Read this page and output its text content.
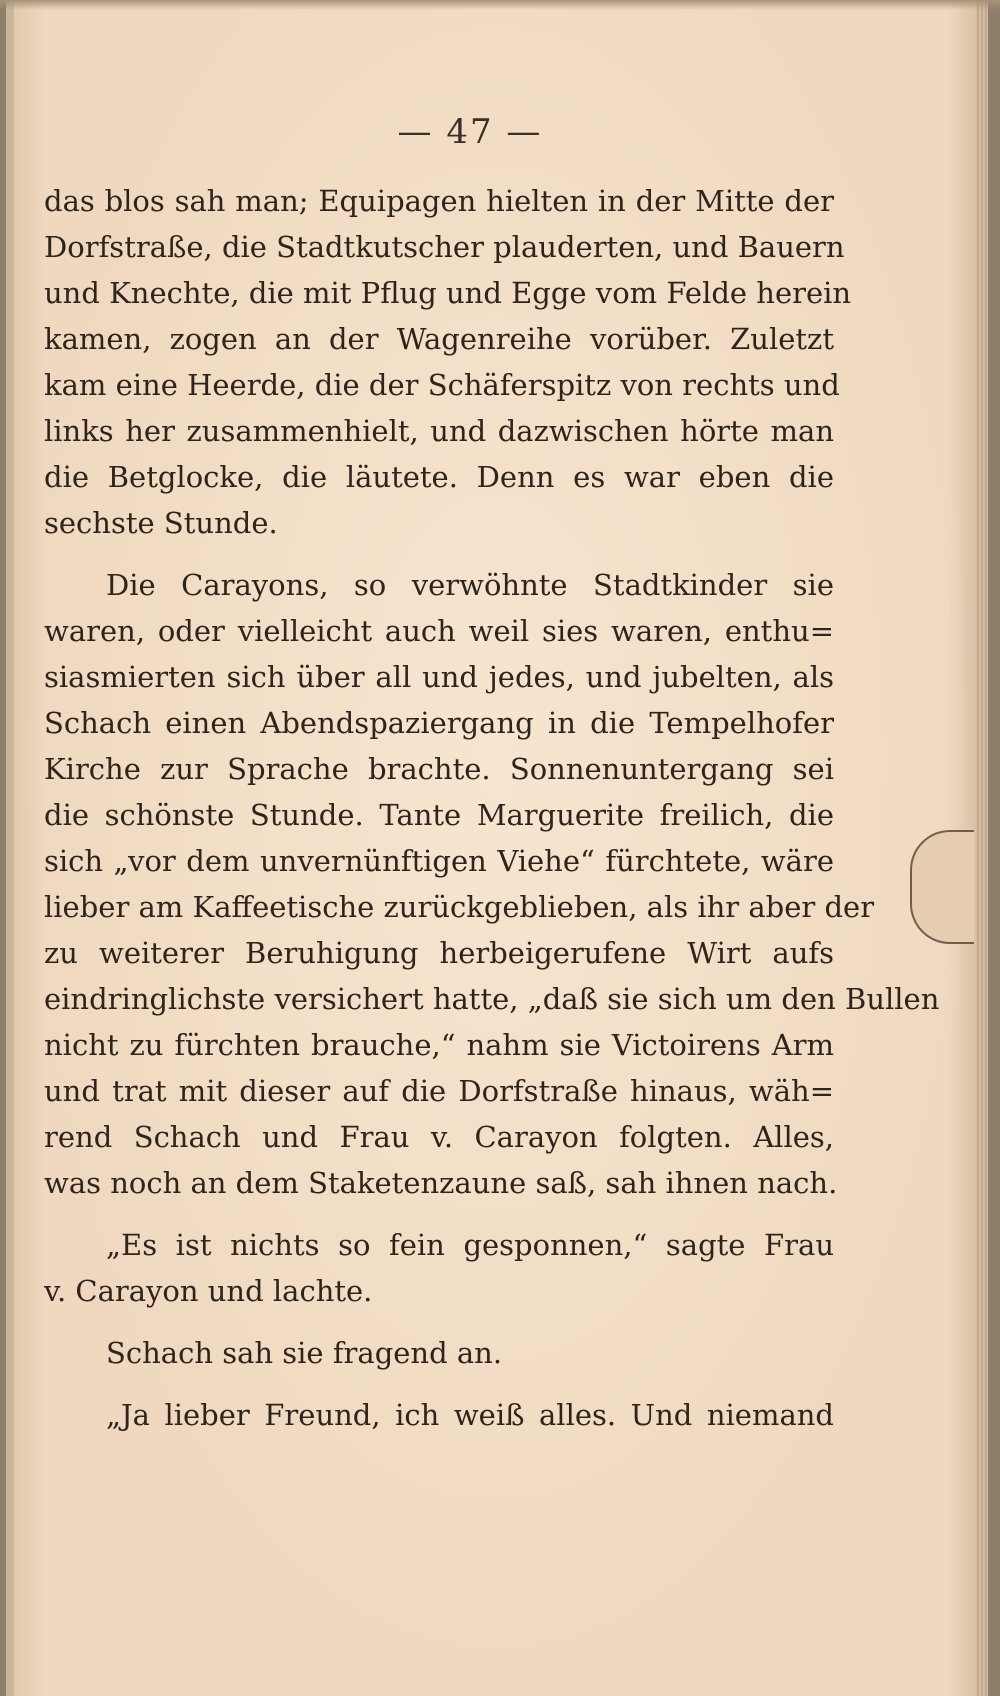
— 47 —
das blos sah man; Equipagen hielten in der Mitte der
Dorfstraße, die Stadtkutscher plauderten, und Bauern
und Knechte, die mit Pflug und Egge vom Felde herein
kamen, zogen an der Wagenreihe vorüber. Zuletzt
kam eine Heerde, die der Schäferspitz von rechts und
links her zusammenhielt, und dazwischen hörte man
die Betglocke, die läutete. Denn es war eben die
sechste Stunde.
Die Carayons, so verwöhnte Stadtkinder sie
waren, oder vielleicht auch weil sies waren, enthu=
siasmierten sich über all und jedes, und jubelten, als
Schach einen Abendspaziergang in die Tempelhofer
Kirche zur Sprache brachte. Sonnenuntergang sei
die schönste Stunde. Tante Marguerite freilich, die
sich „vor dem unvernünftigen Viehe“ fürchtete, wäre
lieber am Kaffeetische zurückgeblieben, als ihr aber der
zu weiterer Beruhigung herbeigerufene Wirt aufs
eindringlichste versichert hatte, „daß sie sich um den Bullen
nicht zu fürchten brauche,“ nahm sie Victoirens Arm
und trat mit dieser auf die Dorfstraße hinaus, wäh=
rend Schach und Frau v. Carayon folgten. Alles,
was noch an dem Staketenzaune saß, sah ihnen nach.
„Es ist nichts so fein gesponnen,“ sagte Frau
v. Carayon und lachte.
Schach sah sie fragend an.
„Ja lieber Freund, ich weiß alles. Und niemand
